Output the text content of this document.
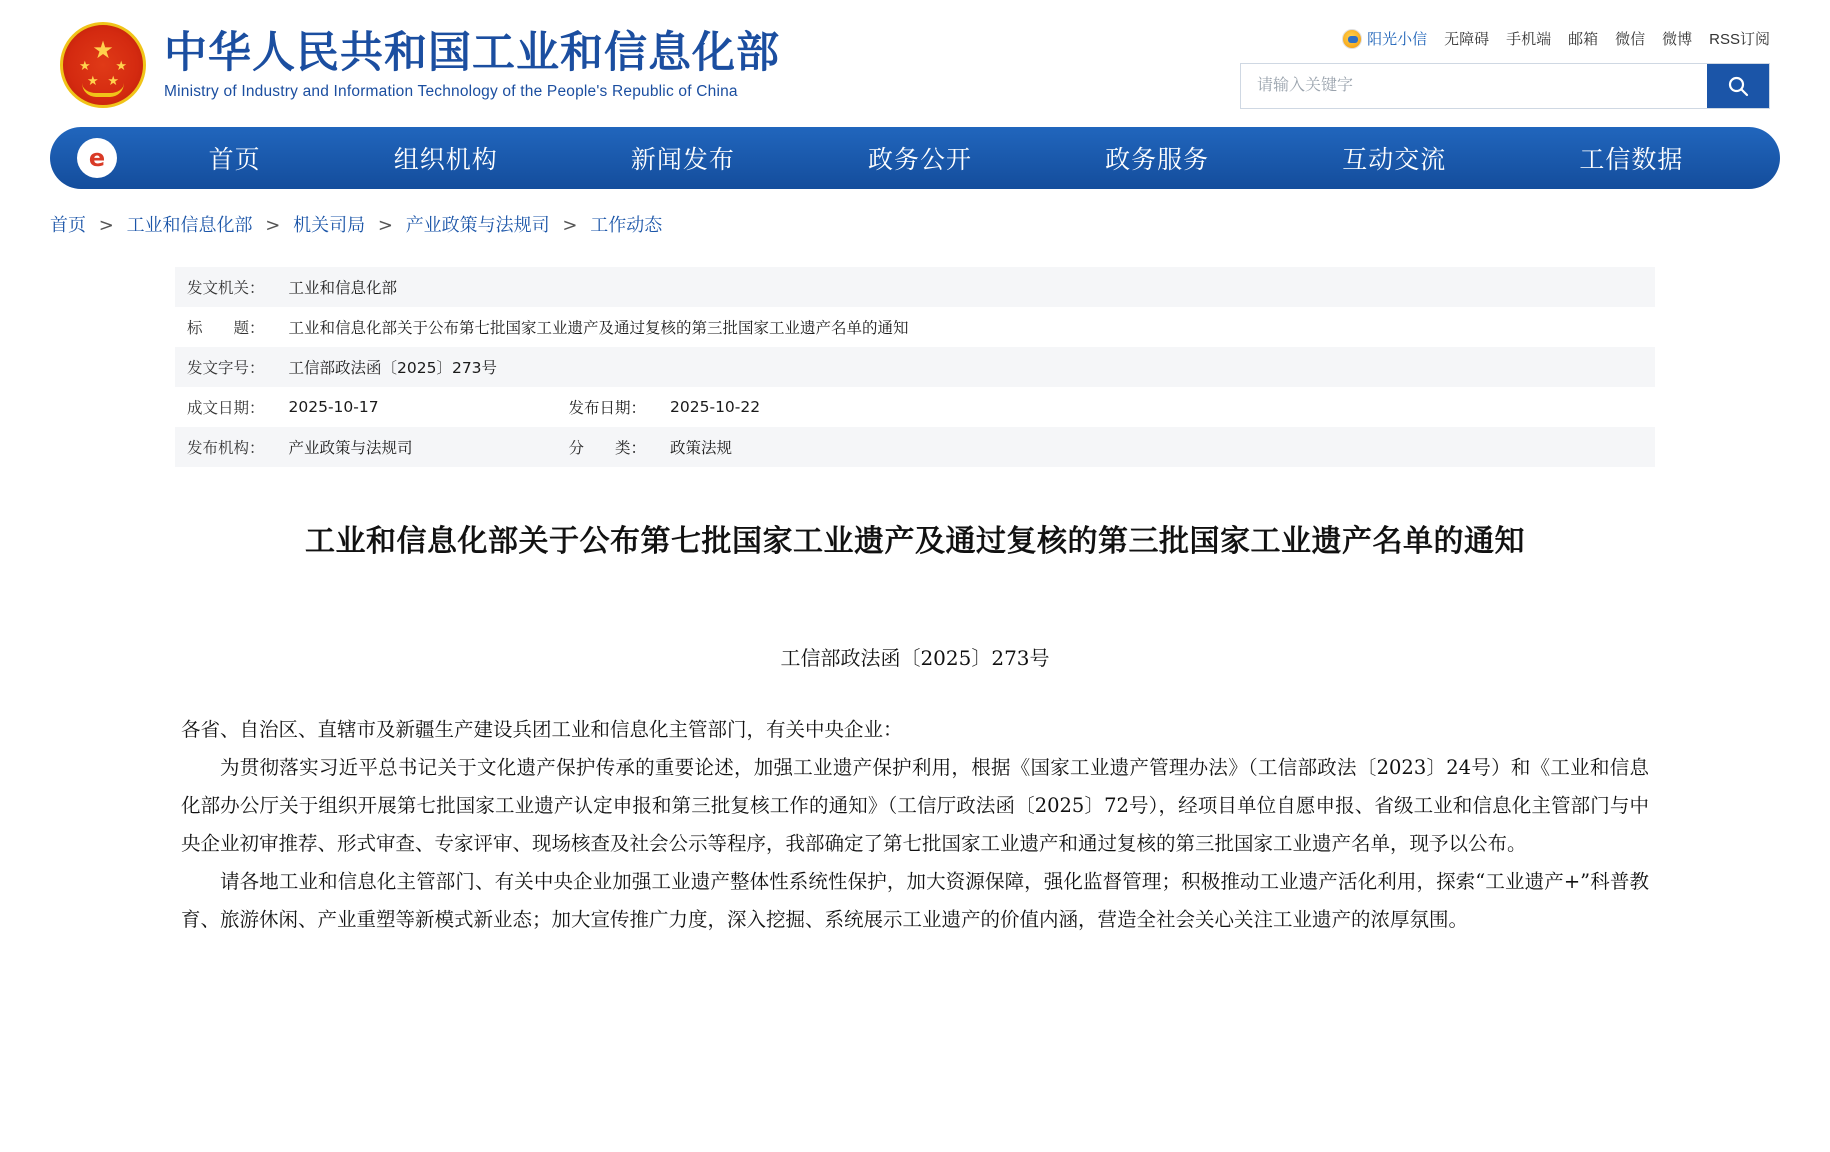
★
★ ★
★ ★
中华人民共和国工业和信息化部
Ministry of Industry and Information Technology of the People's Republic of China
阳光小信 无障碍 手机端 邮箱 微信 微博 RSS订阅
请输入关键字
e	首页	组织机构	新闻发布	政务公开	政务服务	互动交流	工信数据
首页 > 工业和信息化部 > 机关司局 > 产业政策与法规司 > 工作动态
发文机关：	工业和信息化部		
标　　题：	工业和信息化部关于公布第七批国家工业遗产及通过复核的第三批国家工业遗产名单的通知		
发文字号：	工信部政法函〔2025〕273号		
成文日期：	2025-10-17	发布日期：	2025-10-22
发布机构：	产业政策与法规司	分　　类：	政策法规
工业和信息化部关于公布第七批国家工业遗产及通过复核的第三批国家工业遗产名单的通知
工信部政法函〔2025〕273号

各省、自治区、直辖市及新疆生产建设兵团工业和信息化主管部门，有关中央企业：

为贯彻落实习近平总书记关于文化遗产保护传承的重要论述，加强工业遗产保护利用，根据《国家工业遗产管理办法》（工信部政法〔2023〕24号）和《工业和信息化部办公厅关于组织开展第七批国家工业遗产认定申报和第三批复核工作的通知》（工信厅政法函〔2025〕72号），经项目单位自愿申报、省级工业和信息化主管部门与中央企业初审推荐、形式审查、专家评审、现场核查及社会公示等程序，我部确定了第七批国家工业遗产和通过复核的第三批国家工业遗产名单，现予以公布。

请各地工业和信息化主管部门、有关中央企业加强工业遗产整体性系统性保护，加大资源保障，强化监督管理；积极推动工业遗产活化利用，探索“工业遗产+”科普教育、旅游休闲、产业重塑等新模式新业态；加大宣传推广力度，深入挖掘、系统展示工业遗产的价值内涵，营造全社会关心关注工业遗产的浓厚氛围。
